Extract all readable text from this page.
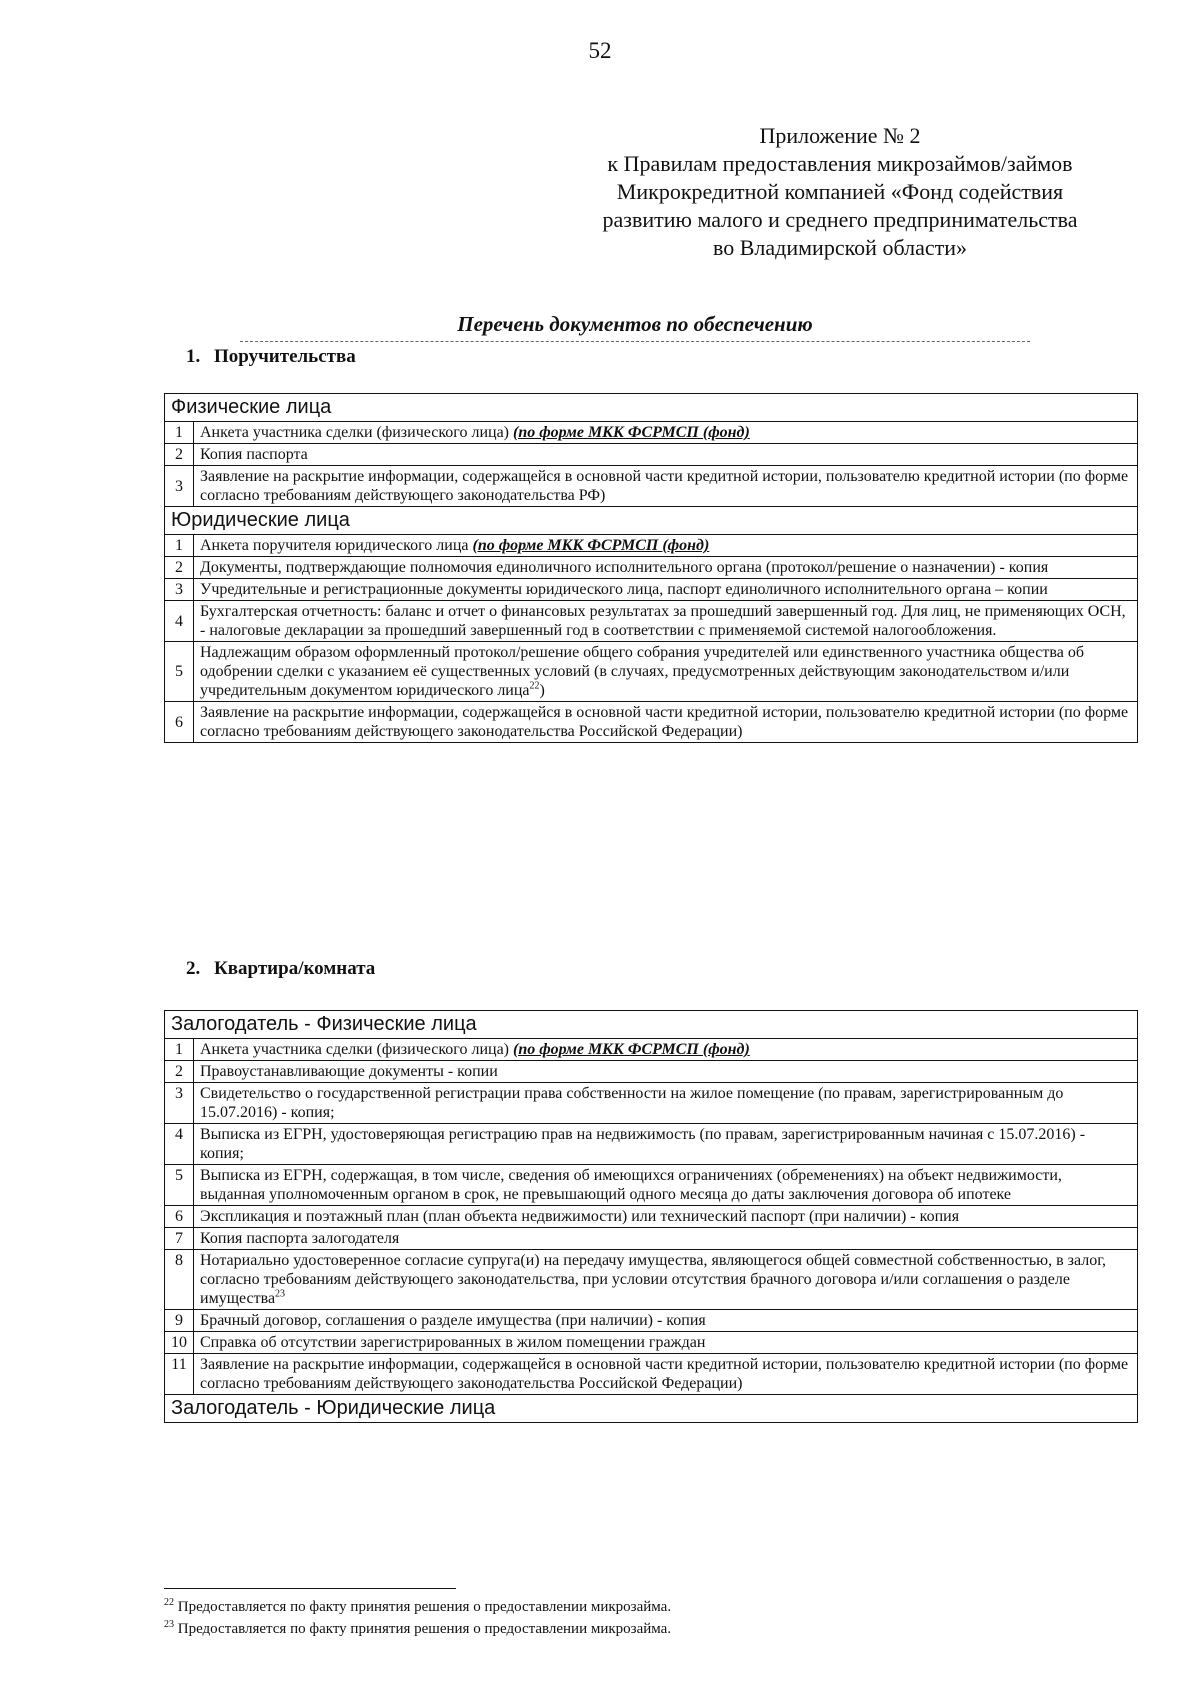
52
Приложение № 2
к Правилам предоставления микрозаймов/займов
Микрокредитной компанией «Фонд содействия
развитию малого и среднего предпринимательства
во Владимирской области»
Перечень документов по обеспечению
1. Поручительства
Физические лица	
1	Анкета участника сделки (физического лица) (по форме МКК ФСРМСП (фонд)
2	Копия паспорта
3	Заявление на раскрытие информации, содержащейся в основной части кредитной истории, пользователю кредитной истории (по форме согласно требованиям действующего законодательства РФ)
Юридические лица	
1	Анкета поручителя юридического лица (по форме МКК ФСРМСП (фонд)
2	Документы, подтверждающие полномочия единоличного исполнительного органа (протокол/решение о назначении) - копия
3	Учредительные и регистрационные документы юридического лица, паспорт единоличного исполнительного органа – копии
4	Бухгалтерская отчетность: баланс и отчет о финансовых результатах за прошедший завершенный год. Для лиц, не применяющих ОСН, - налоговые декларации за прошедший завершенный год в соответствии с применяемой системой налогообложения.
5	Надлежащим образом оформленный протокол/решение общего собрания учредителей или единственного участника общества об одобрении сделки с указанием её существенных условий (в случаях, предусмотренных действующим законодательством и/или учредительным документом юридического лица$^{22}$)
6	Заявление на раскрытие информации, содержащейся в основной части кредитной истории, пользователю кредитной истории (по форме согласно требованиям действующего законодательства Российской Федерации)
2. Квартира/комната
Залогодатель - Физические лица	
1	Анкета участника сделки (физического лица) (по форме МКК ФСРМСП (фонд)
2	Правоустанавливающие документы - копии
3	Свидетельство о государственной регистрации права собственности на жилое помещение (по правам, зарегистрированным до 15.07.2016) - копия;
4	Выписка из ЕГРН, удостоверяющая регистрацию прав на недвижимость (по правам, зарегистрированным начиная с 15.07.2016) - копия;
5	Выписка из ЕГРН, содержащая, в том числе, сведения об имеющихся ограничениях (обременениях) на объект недвижимости, выданная уполномоченным органом в срок, не превышающий одного месяца до даты заключения договора об ипотеке
6	Экспликация и поэтажный план (план объекта недвижимости) или технический паспорт (при наличии) - копия
7	Копия паспорта залогодателя
8	Нотариально удостоверенное согласие супруга(и) на передачу имущества, являющегося общей совместной собственностью, в залог, согласно требованиям действующего законодательства, при условии отсутствия брачного договора и/или соглашения о разделе имущества$^{23}$
9	Брачный договор, соглашения о разделе имущества (при наличии) - копия
10	Справка об отсутствии зарегистрированных в жилом помещении граждан
11	Заявление на раскрытие информации, содержащейся в основной части кредитной истории, пользователю кредитной истории (по форме согласно требованиям действующего законодательства Российской Федерации)
Залогодатель - Юридические лица	
$^{22}$ Предоставляется по факту принятия решения о предоставлении микрозайма.
$^{23}$ Предоставляется по факту принятия решения о предоставлении микрозайма.
